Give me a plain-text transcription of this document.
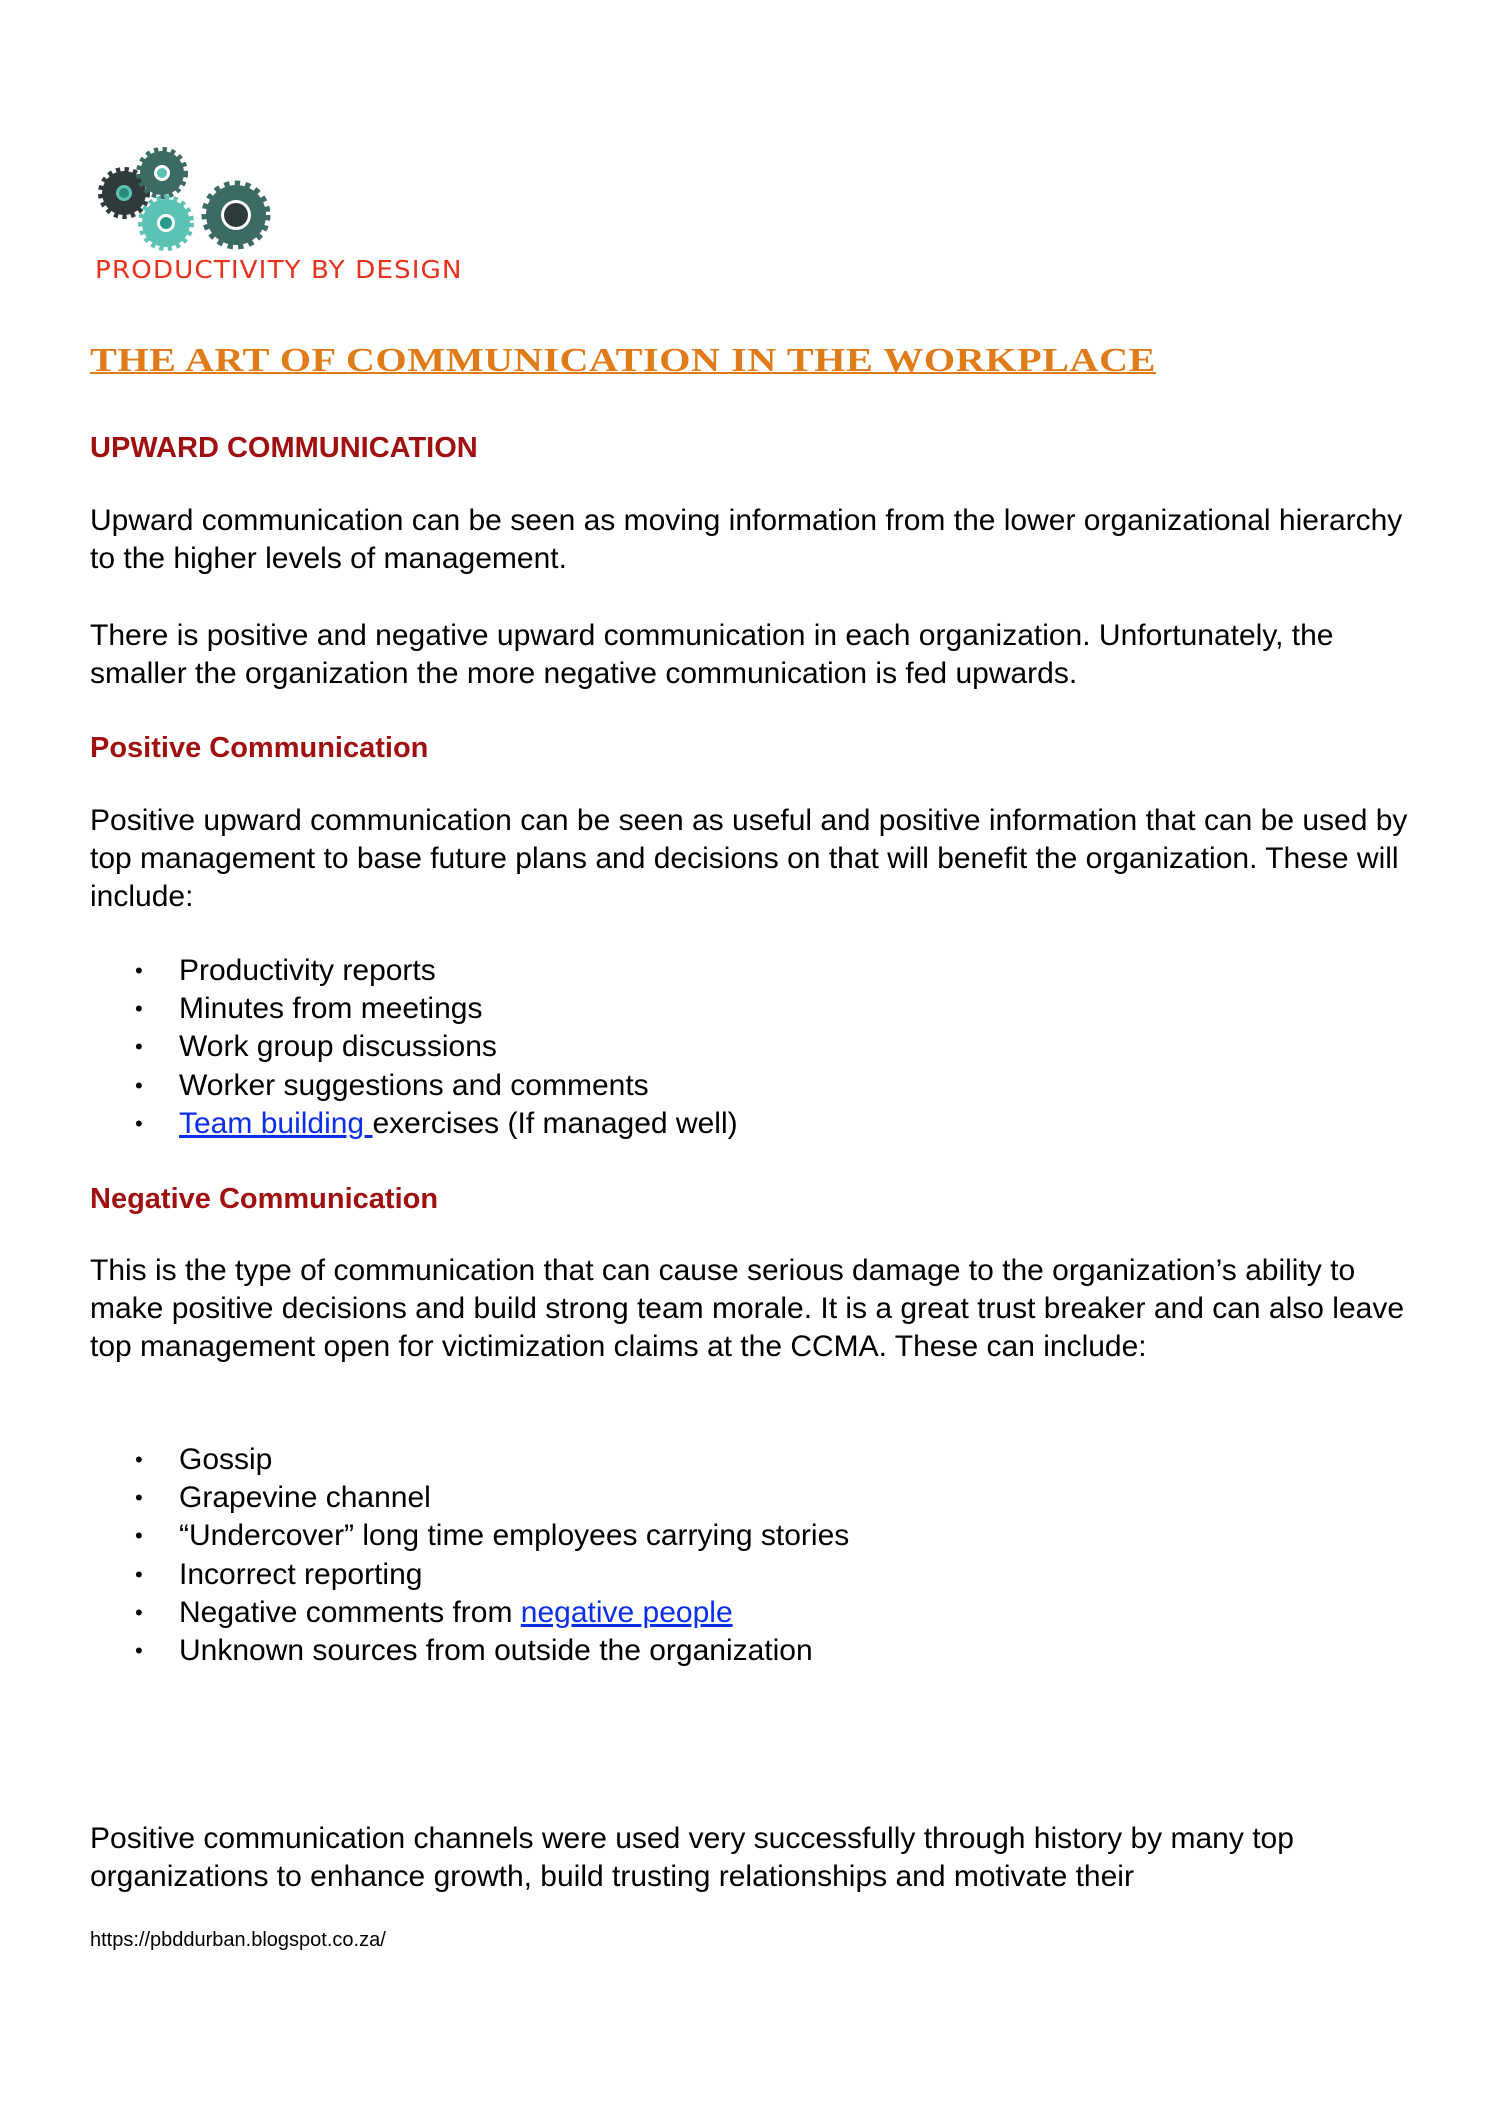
PRODUCTIVITY BY DESIGN
THE ART OF COMMUNICATION IN THE WORKPLACE
UPWARD COMMUNICATION
Upward communication can be seen as moving information from the lower organizational hierarchy to the higher levels of management.
There is positive and negative upward communication in each organization. Unfortunately, the smaller the organization the more negative communication is fed upwards.
Positive Communication
Positive upward communication can be seen as useful and positive information that can be used by top management to base future plans and decisions on that will benefit the organization. These will include:
• Productivity reports
• Minutes from meetings
• Work group discussions
• Worker suggestions and comments
• Team building exercises (If managed well)
Negative Communication
This is the type of communication that can cause serious damage to the organization’s ability to make positive decisions and build strong team morale. It is a great trust breaker and can also leave top management open for victimization claims at the CCMA. These can include:
• Gossip
• Grapevine channel
• “Undercover” long time employees carrying stories
• Incorrect reporting
• Negative comments from negative people
• Unknown sources from outside the organization
Positive communication channels were used very successfully through history by many top organizations to enhance growth, build trusting relationships and motivate their
https://pbddurban.blogspot.co.za/
